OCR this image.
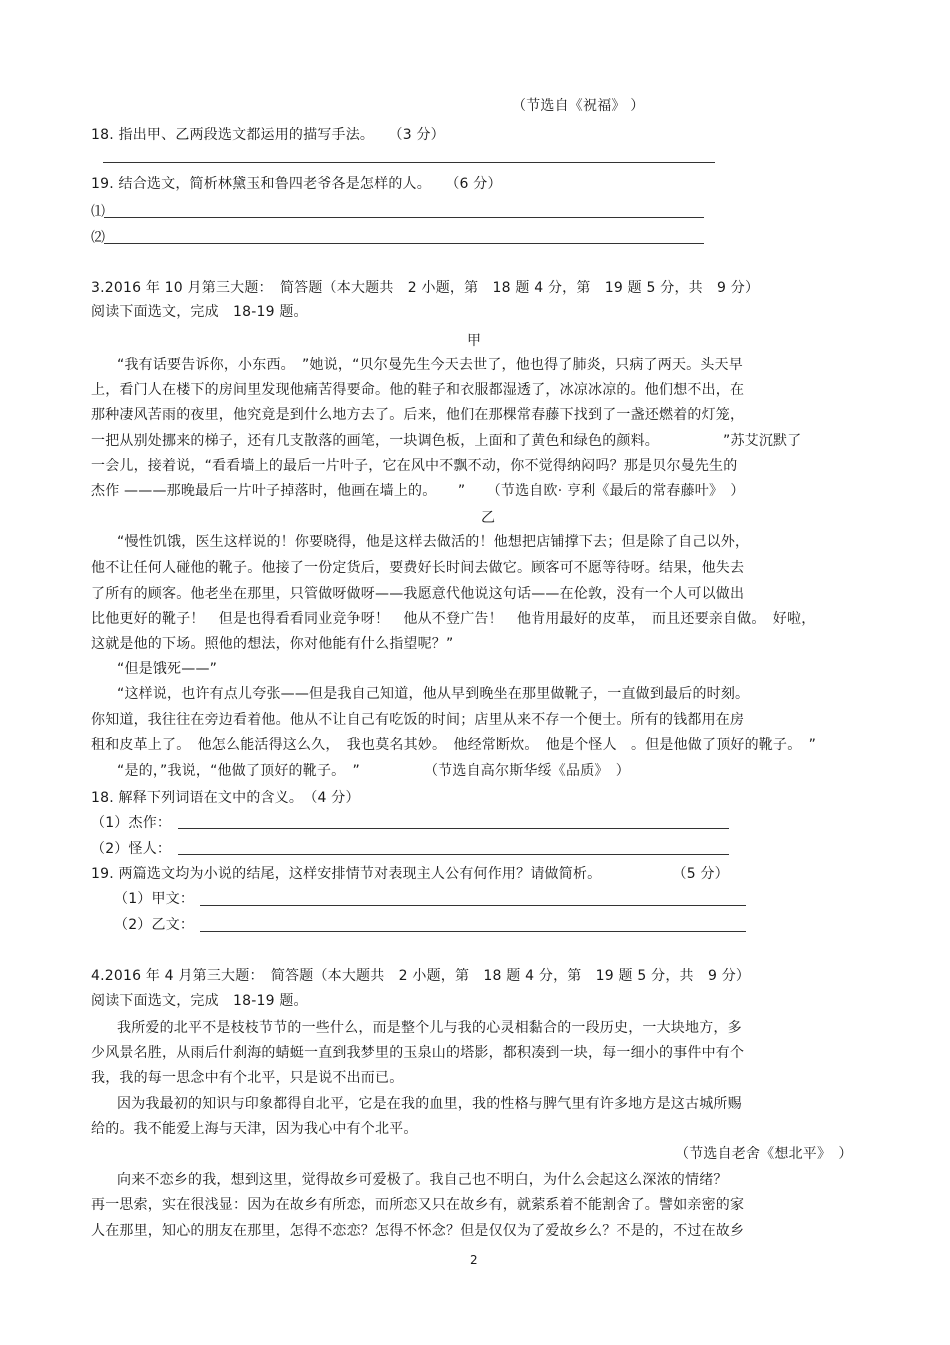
（节选自《祝福》 ）
18. 指出甲、乙两段选文都运用的描写手法。　　（3 分）
19. 结合选文，简析林黛玉和鲁四老爷各是怎样的人。　　（6 分）
⑴
⑵
3.2016 年 10 月第三大题：　简答题（本大题共　2 小题，第　18 题 4 分，第　19 题 5 分，共　9 分）
阅读下面选文，完成　18-19 题。
甲
“我有话要告诉你，小东西。　”她说，“贝尔曼先生今天去世了，他也得了肺炎，只病了两天。头天早
上，看门人在楼下的房间里发现他痛苦得要命。他的鞋子和衣服都湿透了，冰凉冰凉的。他们想不出，在
那种凄风苦雨的夜里，他究竟是到什么地方去了。后来，他们在那棵常春藤下找到了一盏还燃着的灯笼，
一把从别处挪来的梯子，还有几支散落的画笔，一块调色板，上面和了黄色和绿色的颜料。　　　　　”苏艾沉默了
一会儿，接着说，“看看墙上的最后一片叶子，它在风中不飘不动，你不觉得纳闷吗？那是贝尔曼先生的
杰作 ———那晚最后一片叶子掉落时，他画在墙上的。　　”　　（节选自欧· 亨利《最后的常春藤叶》　）
乙
“慢性饥饿，医生这样说的！你要晓得，他是这样去做活的！他想把店铺撑下去；但是除了自己以外，
他不让任何人碰他的靴子。他接了一份定货后，要费好长时间去做它。顾客可不愿等待呀。结果，他失去
了所有的顾客。他老坐在那里，只管做呀做呀——我愿意代他说这句话——在伦敦，没有一个人可以做出
比他更好的靴子！　但是也得看看同业竞争呀！　他从不登广告！　他肯用最好的皮革，　而且还要亲自做。　好啦，
这就是他的下场。照他的想法，你对他能有什么指望呢？”
“但是饿死——”
“这样说，也许有点儿夸张——但是我自己知道，他从早到晚坐在那里做靴子，一直做到最后的时刻。
你知道，我往往在旁边看着他。他从不让自己有吃饭的时间；店里从来不存一个便士。所有的钱都用在房
租和皮革上了。　他怎么能活得这么久，　我也莫名其妙。　他经常断炊。　他是个怪人　。但是他做了顶好的靴子。　”
“是的，”我说，“他做了顶好的靴子。　”　　　　　（节选自高尔斯华绥《品质》　）
18. 解释下列词语在文中的含义。　（4 分）
（1）杰作：
（2）怪人：
19. 两篇选文均为小说的结尾，这样安排情节对表现主人公有何作用？请做简析。　　　　　　（5 分）
（1）甲文：
（2）乙文：
4.2016 年 4 月第三大题：　简答题（本大题共　2 小题，第　18 题 4 分，第　19 题 5 分，共　9 分）
阅读下面选文，完成　18-19 题。
我所爱的北平不是枝枝节节的一些什么，而是整个儿与我的心灵相黏合的一段历史，一大块地方，多
少风景名胜，从雨后什刹海的蜻蜓一直到我梦里的玉泉山的塔影，都积凑到一块，每一细小的事件中有个
我，我的每一思念中有个北平，只是说不出而已。
因为我最初的知识与印象都得自北平，它是在我的血里，我的性格与脾气里有许多地方是这古城所赐
给的。我不能爱上海与天津，因为我心中有个北平。
（节选自老舍《想北平》　）
向来不恋乡的我，想到这里，觉得故乡可爱极了。我自己也不明白，为什么会起这么深浓的情绪？
再一思索，实在很浅显：因为在故乡有所恋，而所恋又只在故乡有，就萦系着不能割舍了。譬如亲密的家
人在那里，知心的朋友在那里，怎得不恋恋？怎得不怀念？但是仅仅为了爱故乡么？不是的，不过在故乡
2
